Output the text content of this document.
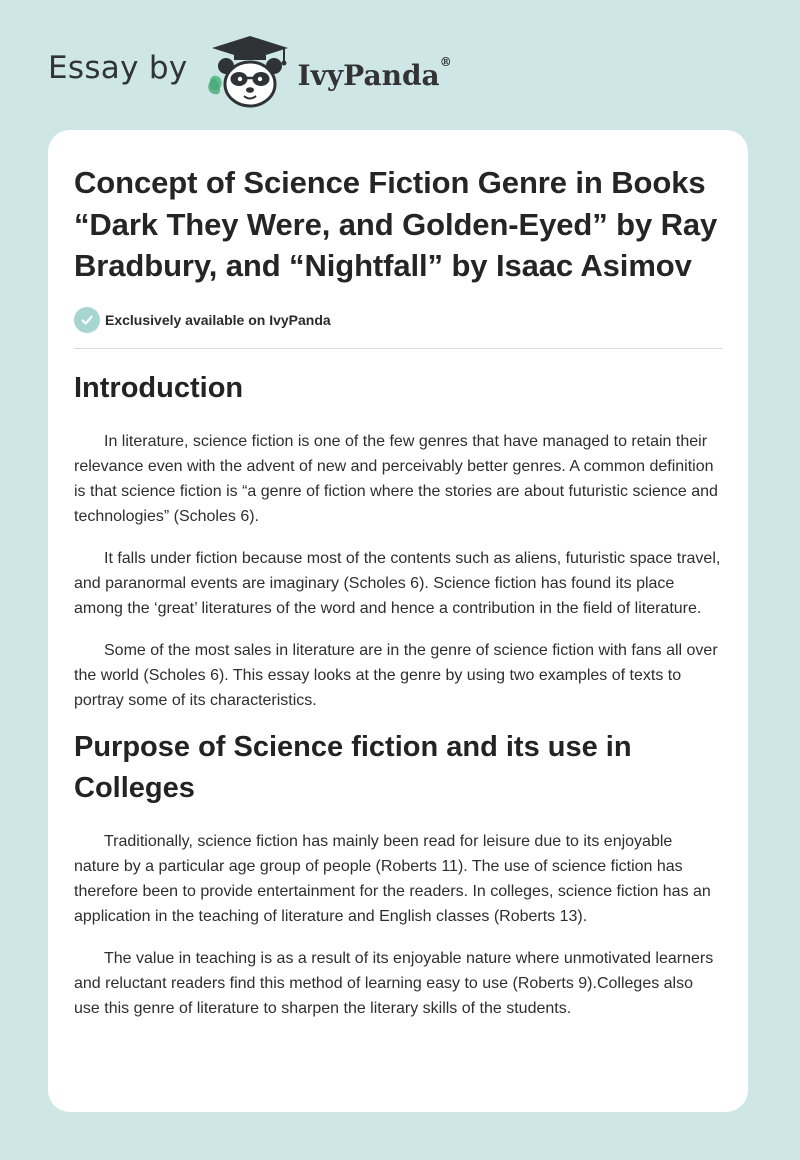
Essay by	IvyPanda®
Concept of Science Fiction Genre in Books “Dark They Were, and Golden-Eyed” by Ray Bradbury, and “Nightfall” by Isaac Asimov
Exclusively available on IvyPanda
Introduction

In literature, science fiction is one of the few genres that have managed to retain their relevance even with the advent of new and perceivably better genres. A common definition is that science fiction is “a genre of fiction where the stories are about futuristic science and technologies” (Scholes 6).

It falls under fiction because most of the contents such as aliens, futuristic space travel, and paranormal events are imaginary (Scholes 6). Science fiction has found its place among the ‘great’ literatures of the word and hence a contribution in the field of literature.

Some of the most sales in literature are in the genre of science fiction with fans all over the world (Scholes 6). This essay looks at the genre by using two examples of texts to portray some of its characteristics.

Purpose of Science fiction and its use in Colleges

Traditionally, science fiction has mainly been read for leisure due to its enjoyable nature by a particular age group of people (Roberts 11). The use of science fiction has therefore been to provide entertainment for the readers. In colleges, science fiction has an application in the teaching of literature and English classes (Roberts 13).

The value in teaching is as a result of its enjoyable nature where unmotivated learners and reluctant readers find this method of learning easy to use (Roberts 9).Colleges also use this genre of literature to sharpen the literary skills of the students.
